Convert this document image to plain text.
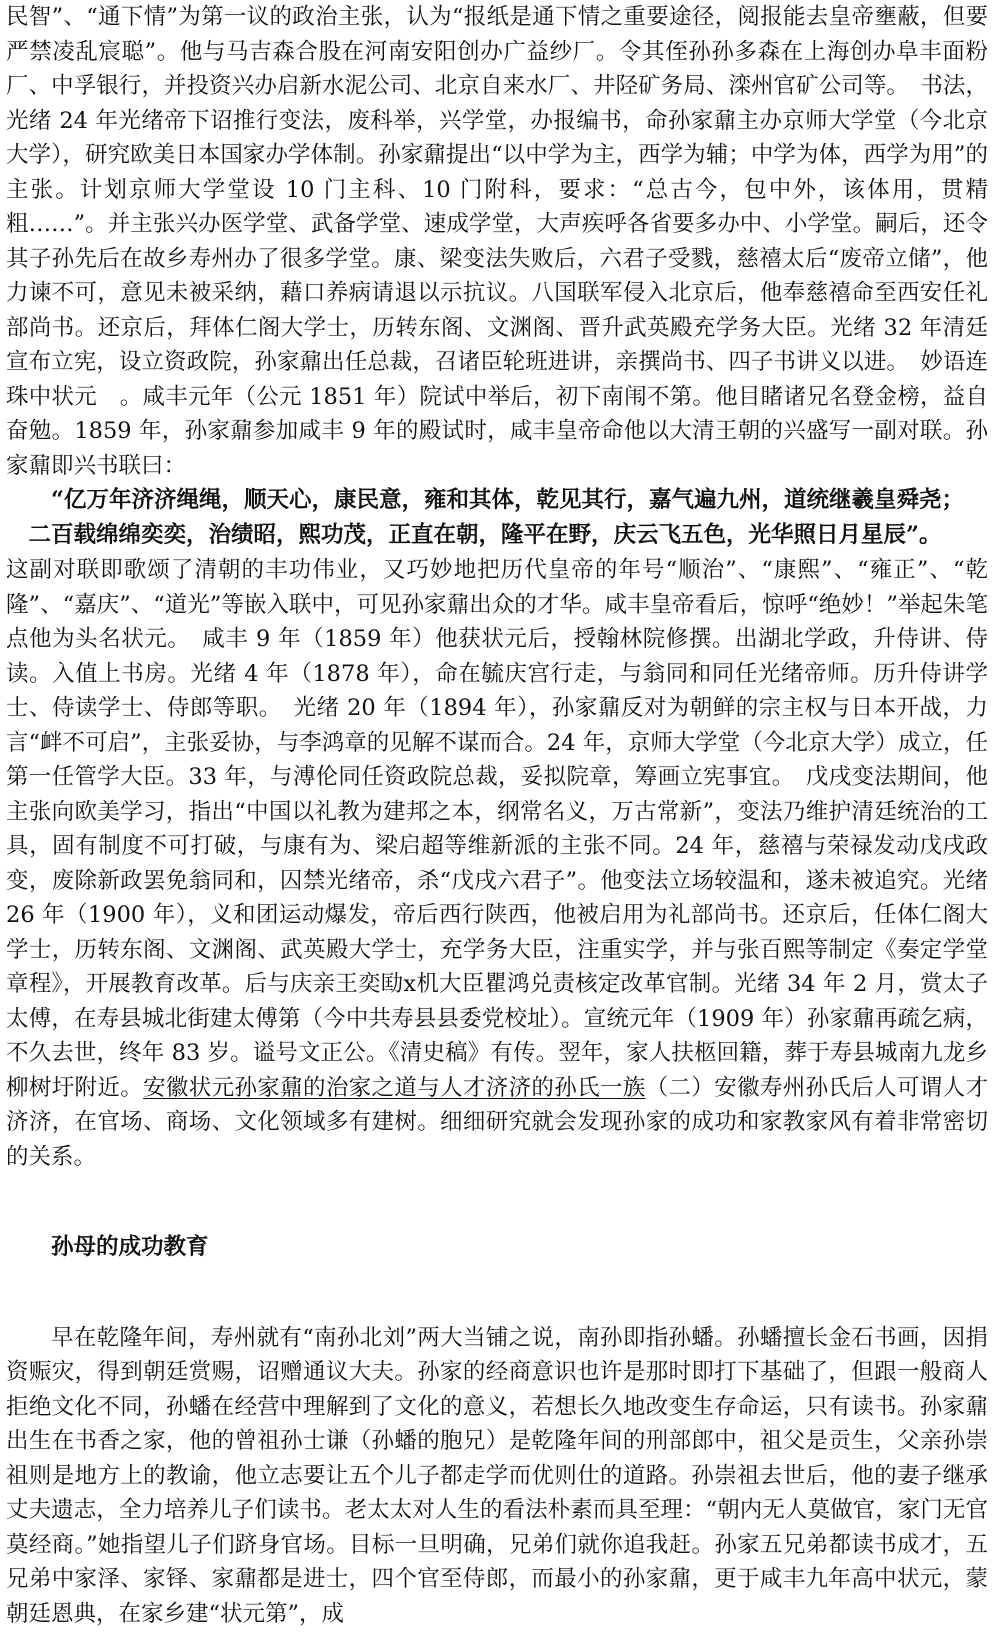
民智”、“通下情”为第一议的政治主张，认为“报纸是通下情之重要途径，阅报能去皇帝壅蔽，但要严禁凌乱宸聪”。他与马吉森合股在河南安阳创办广益纱厂。令其侄孙孙多森在上海创办阜丰面粉厂、中孚银行，并投资兴办启新水泥公司、北京自来水厂、井陉矿务局、滦州官矿公司等。　书法，光绪 24 年光绪帝下诏推行变法，废科举，兴学堂，办报编书，命孙家鼐主办京师大学堂（今北京大学），研究欧美日本国家办学体制。孙家鼐提出“以中学为主，西学为辅；中学为体，西学为用”的主张。计划京师大学堂设 10 门主科、10 门附科，要求：“总古今，包中外，该体用，贯精粗……”。并主张兴办医学堂、武备学堂、速成学堂，大声疾呼各省要多办中、小学堂。嗣后，还令其子孙先后在故乡寿州办了很多学堂。康、梁变法失败后，六君子受戮，慈禧太后“废帝立储”，他力谏不可，意见未被采纳，藉口养病请退以示抗议。八国联军侵入北京后，他奉慈禧命至西安任礼部尚书。还京后，拜体仁阁大学士，历转东阁、文渊阁、晋升武英殿充学务大臣。光绪 32 年清廷宣布立宪，设立资政院，孙家鼐出任总裁，召诸臣轮班进讲，亲撰尚书、四子书讲义以进。　妙语连珠中状元　。咸丰元年（公元 1851 年）院试中举后，初下南闱不第。他目睹诸兄名登金榜，益自奋勉。1859 年，孙家鼐参加咸丰 9 年的殿试时，咸丰皇帝命他以大清王朝的兴盛写一副对联。孙家鼐即兴书联曰：

“亿万年济济绳绳，顺天心，康民意，雍和其体，乾见其行，嘉气遍九州，道统继羲皇舜尧；
二百载绵绵奕奕，治绩昭，熙功茂，正直在朝，隆平在野，庆云飞五色，光华照日月星辰”。

这副对联即歌颂了清朝的丰功伟业，又巧妙地把历代皇帝的年号“顺治”、“康熙”、“雍正”、“乾隆”、“嘉庆”、“道光”等嵌入联中，可见孙家鼐出众的才华。咸丰皇帝看后，惊呼“绝妙！”举起朱笔点他为头名状元。　咸丰 9 年（1859 年）他获状元后，授翰林院修撰。出湖北学政，升侍讲、侍读。入值上书房。光绪 4 年（1878 年），命在毓庆宫行走，与翁同和同任光绪帝师。历升侍讲学士、侍读学士、侍郎等职。　光绪 20 年（1894 年），孙家鼐反对为朝鲜的宗主权与日本开战，力言“衅不可启”，主张妥协，与李鸿章的见解不谋而合。24 年，京师大学堂（今北京大学）成立，任第一任管学大臣。33 年，与溥伦同任资政院总裁，妥拟院章，筹画立宪事宜。　戊戌变法期间，他主张向欧美学习，指出“中国以礼教为建邦之本，纲常名义，万古常新”，变法乃维护清廷统治的工具，固有制度不可打破，与康有为、梁启超等维新派的主张不同。24 年，慈禧与荣禄发动戊戌政变，废除新政罢免翁同和，囚禁光绪帝，杀“戊戌六君子”。他变法立场较温和，遂未被追究。光绪 26 年（1900 年），义和团运动爆发，帝后西行陕西，他被启用为礼部尚书。还京后，任体仁阁大学士，历转东阁、文渊阁、武英殿大学士，充学务大臣，注重实学，并与张百熙等制定《奏定学堂章程》，开展教育改革。后与庆亲王奕劻ⅹ机大臣瞿鸿兑责核定改革官制。光绪 34 年 2 月，赏太子太傅，在寿县城北街建太傅第（今中共寿县县委党校址）。宣统元年（1909 年）孙家鼐再疏乞病，不久去世，终年 83 岁。谥号文正公。《清史稿》有传。翌年，家人扶柩回籍，葬于寿县城南九龙乡柳树圩附近。安徽状元孙家鼐的治家之道与人才济济的孙氏一族（二）安徽寿州孙氏后人可谓人才济济，在官场、商场、文化领域多有建树。细细研究就会发现孙家的成功和家教家风有着非常密切的关系。

孙母的成功教育

早在乾隆年间，寿州就有“南孙北刘”两大当铺之说，南孙即指孙蟠。孙蟠擅长金石书画，因捐资赈灾，得到朝廷赏赐，诏赠通议大夫。孙家的经商意识也许是那时即打下基础了，但跟一般商人拒绝文化不同，孙蟠在经营中理解到了文化的意义，若想长久地改变生存命运，只有读书。孙家鼐出生在书香之家，他的曾祖孙士谦（孙蟠的胞兄）是乾隆年间的刑部郎中，祖父是贡生，父亲孙崇祖则是地方上的教谕，他立志要让五个儿子都走学而优则仕的道路。孙崇祖去世后，他的妻子继承丈夫遗志，全力培养儿子们读书。老太太对人生的看法朴素而具至理：“朝内无人莫做官，家门无官莫经商。”她指望儿子们跻身官场。目标一旦明确，兄弟们就你追我赶。孙家五兄弟都读书成才，五兄弟中家泽、家铎、家鼐都是进士，四个官至侍郎，而最小的孙家鼐，更于咸丰九年高中状元，蒙朝廷恩典，在家乡建“状元第”，成
